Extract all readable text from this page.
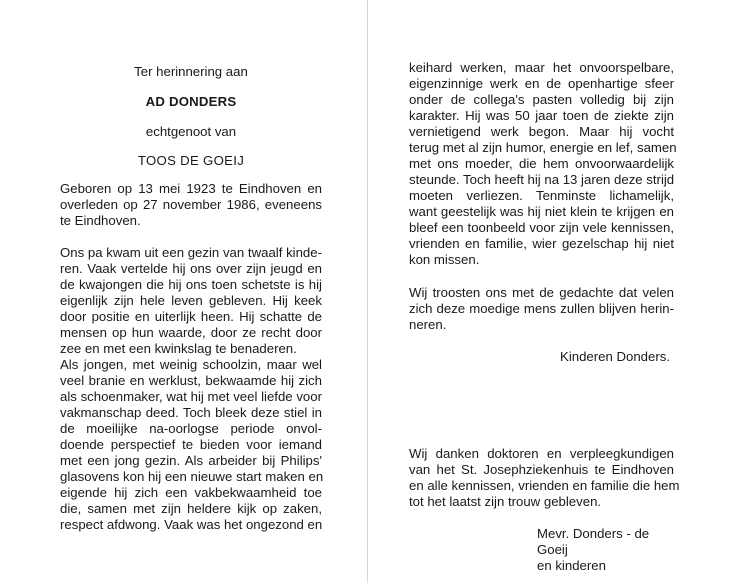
Ter herinnering aan
AD DONDERS
echtgenoot van
TOOS DE GOEIJ

Geboren op 13 mei 1923 te Eindhoven en
overleden op 27 november 1986, eveneens
te Eindhoven.

Ons pa kwam uit een gezin van twaalf kinde-
ren. Vaak vertelde hij ons over zijn jeugd en
de kwajongen die hij ons toen schetste is hij
eigenlijk zijn hele leven gebleven. Hij keek
door positie en uiterlijk heen. Hij schatte de
mensen op hun waarde, door ze recht door
zee en met een kwinkslag te benaderen.
Als jongen, met weinig schoolzin, maar wel
veel branie en werklust, bekwaamde hij zich
als schoenmaker, wat hij met veel liefde voor
vakmanschap deed. Toch bleek deze stiel in
de moeilijke na-oorlogse periode onvol-
doende perspectief te bieden voor iemand
met een jong gezin. Als arbeider bij Philips'
glasovens kon hij een nieuwe start maken en
eigende hij zich een vakbekwaamheid toe
die, samen met zijn heldere kijk op zaken,
respect afdwong. Vaak was het ongezond en

keihard werken, maar het onvoorspelbare,
eigenzinnige werk en de openhartige sfeer
onder de collega's pasten volledig bij zijn
karakter. Hij was 50 jaar toen de ziekte zijn
vernietigend werk begon. Maar hij vocht
terug met al zijn humor, energie en lef, samen
met ons moeder, die hem onvoorwaardelijk
steunde. Toch heeft hij na 13 jaren deze strijd
moeten verliezen. Tenminste lichamelijk,
want geestelijk was hij niet klein te krijgen en
bleef een toonbeeld voor zijn vele kennissen,
vrienden en familie, wier gezelschap hij niet
kon missen.

Wij troosten ons met de gedachte dat velen
zich deze moedige mens zullen blijven herin-
neren.

Kinderen Donders.

Wij danken doktoren en verpleegkundigen
van het St. Josephziekenhuis te Eindhoven
en alle kennissen, vrienden en familie die hem
tot het laatst zijn trouw gebleven.

Mevr. Donders - de Goeij
en kinderen
